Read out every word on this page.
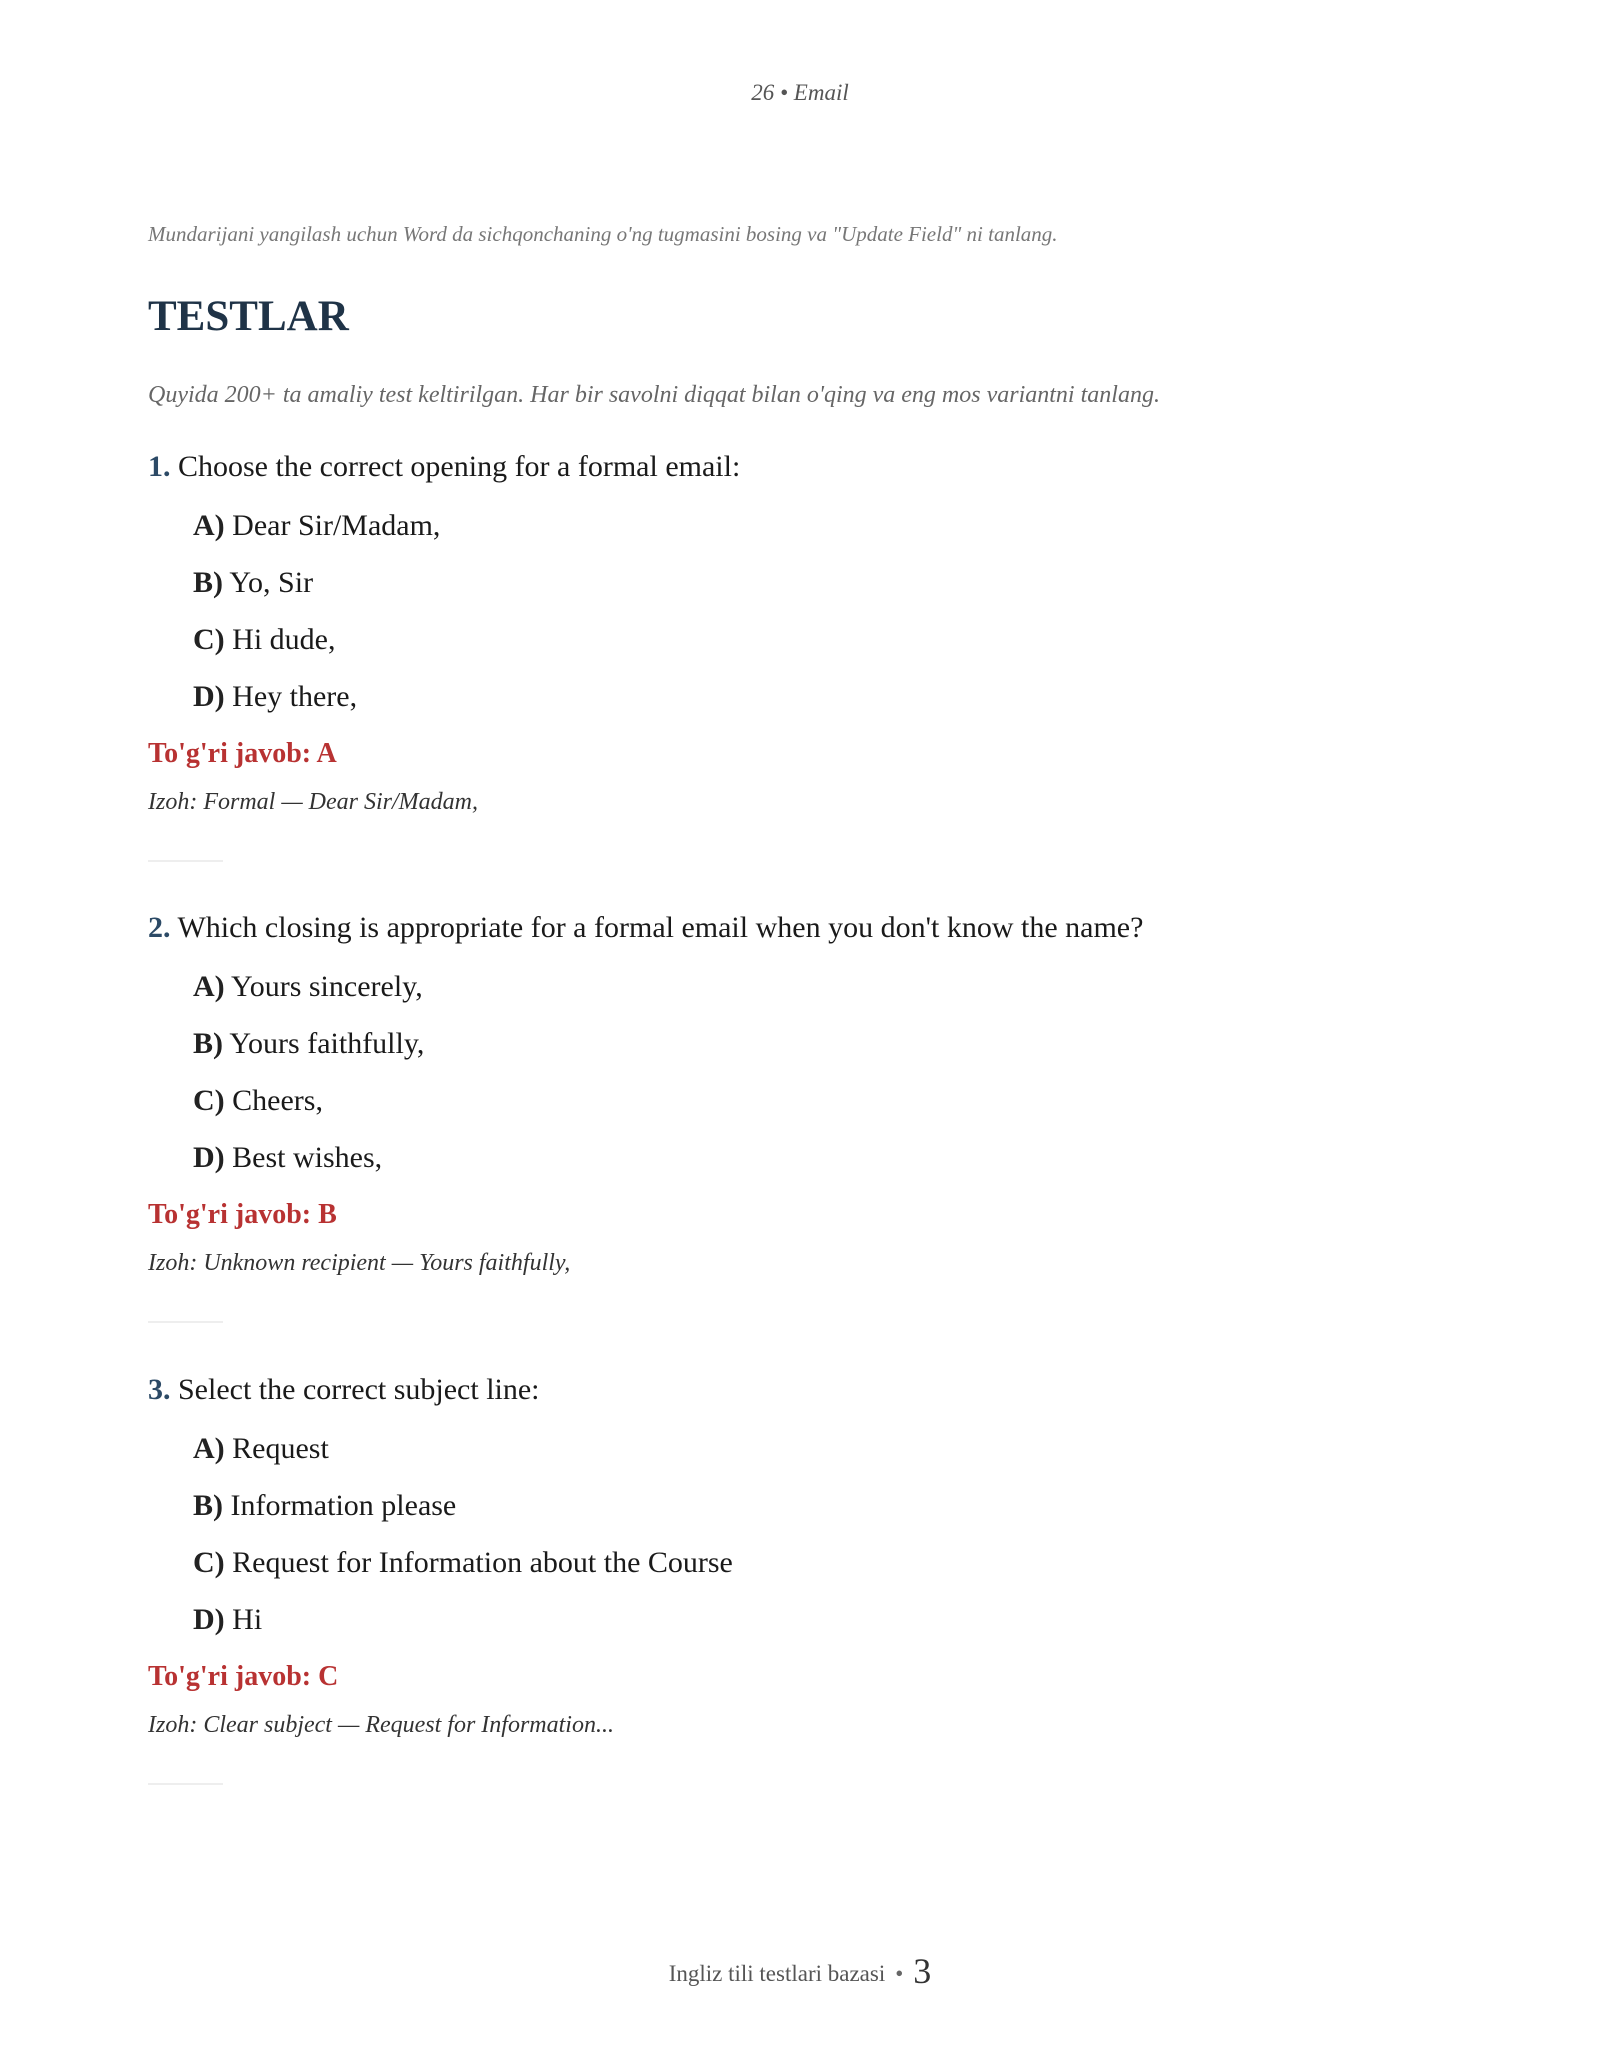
26 • Email
Mundarijani yangilash uchun Word da sichqonchaning o'ng tugmasini bosing va "Update Field" ni tanlang.
TESTLAR
Quyida 200+ ta amaliy test keltirilgan. Har bir savolni diqqat bilan o'qing va eng mos variantni tanlang.
1. Choose the correct opening for a formal email:
A) Dear Sir/Madam,
B) Yo, Sir
C) Hi dude,
D) Hey there,
To'g'ri javob: A
Izoh: Formal — Dear Sir/Madam,
2. Which closing is appropriate for a formal email when you don't know the name?
A) Yours sincerely,
B) Yours faithfully,
C) Cheers,
D) Best wishes,
To'g'ri javob: B
Izoh: Unknown recipient — Yours faithfully,
3. Select the correct subject line:
A) Request
B) Information please
C) Request for Information about the Course
D) Hi
To'g'ri javob: C
Izoh: Clear subject — Request for Information...
Ingliz tili testlari bazasi • 3
